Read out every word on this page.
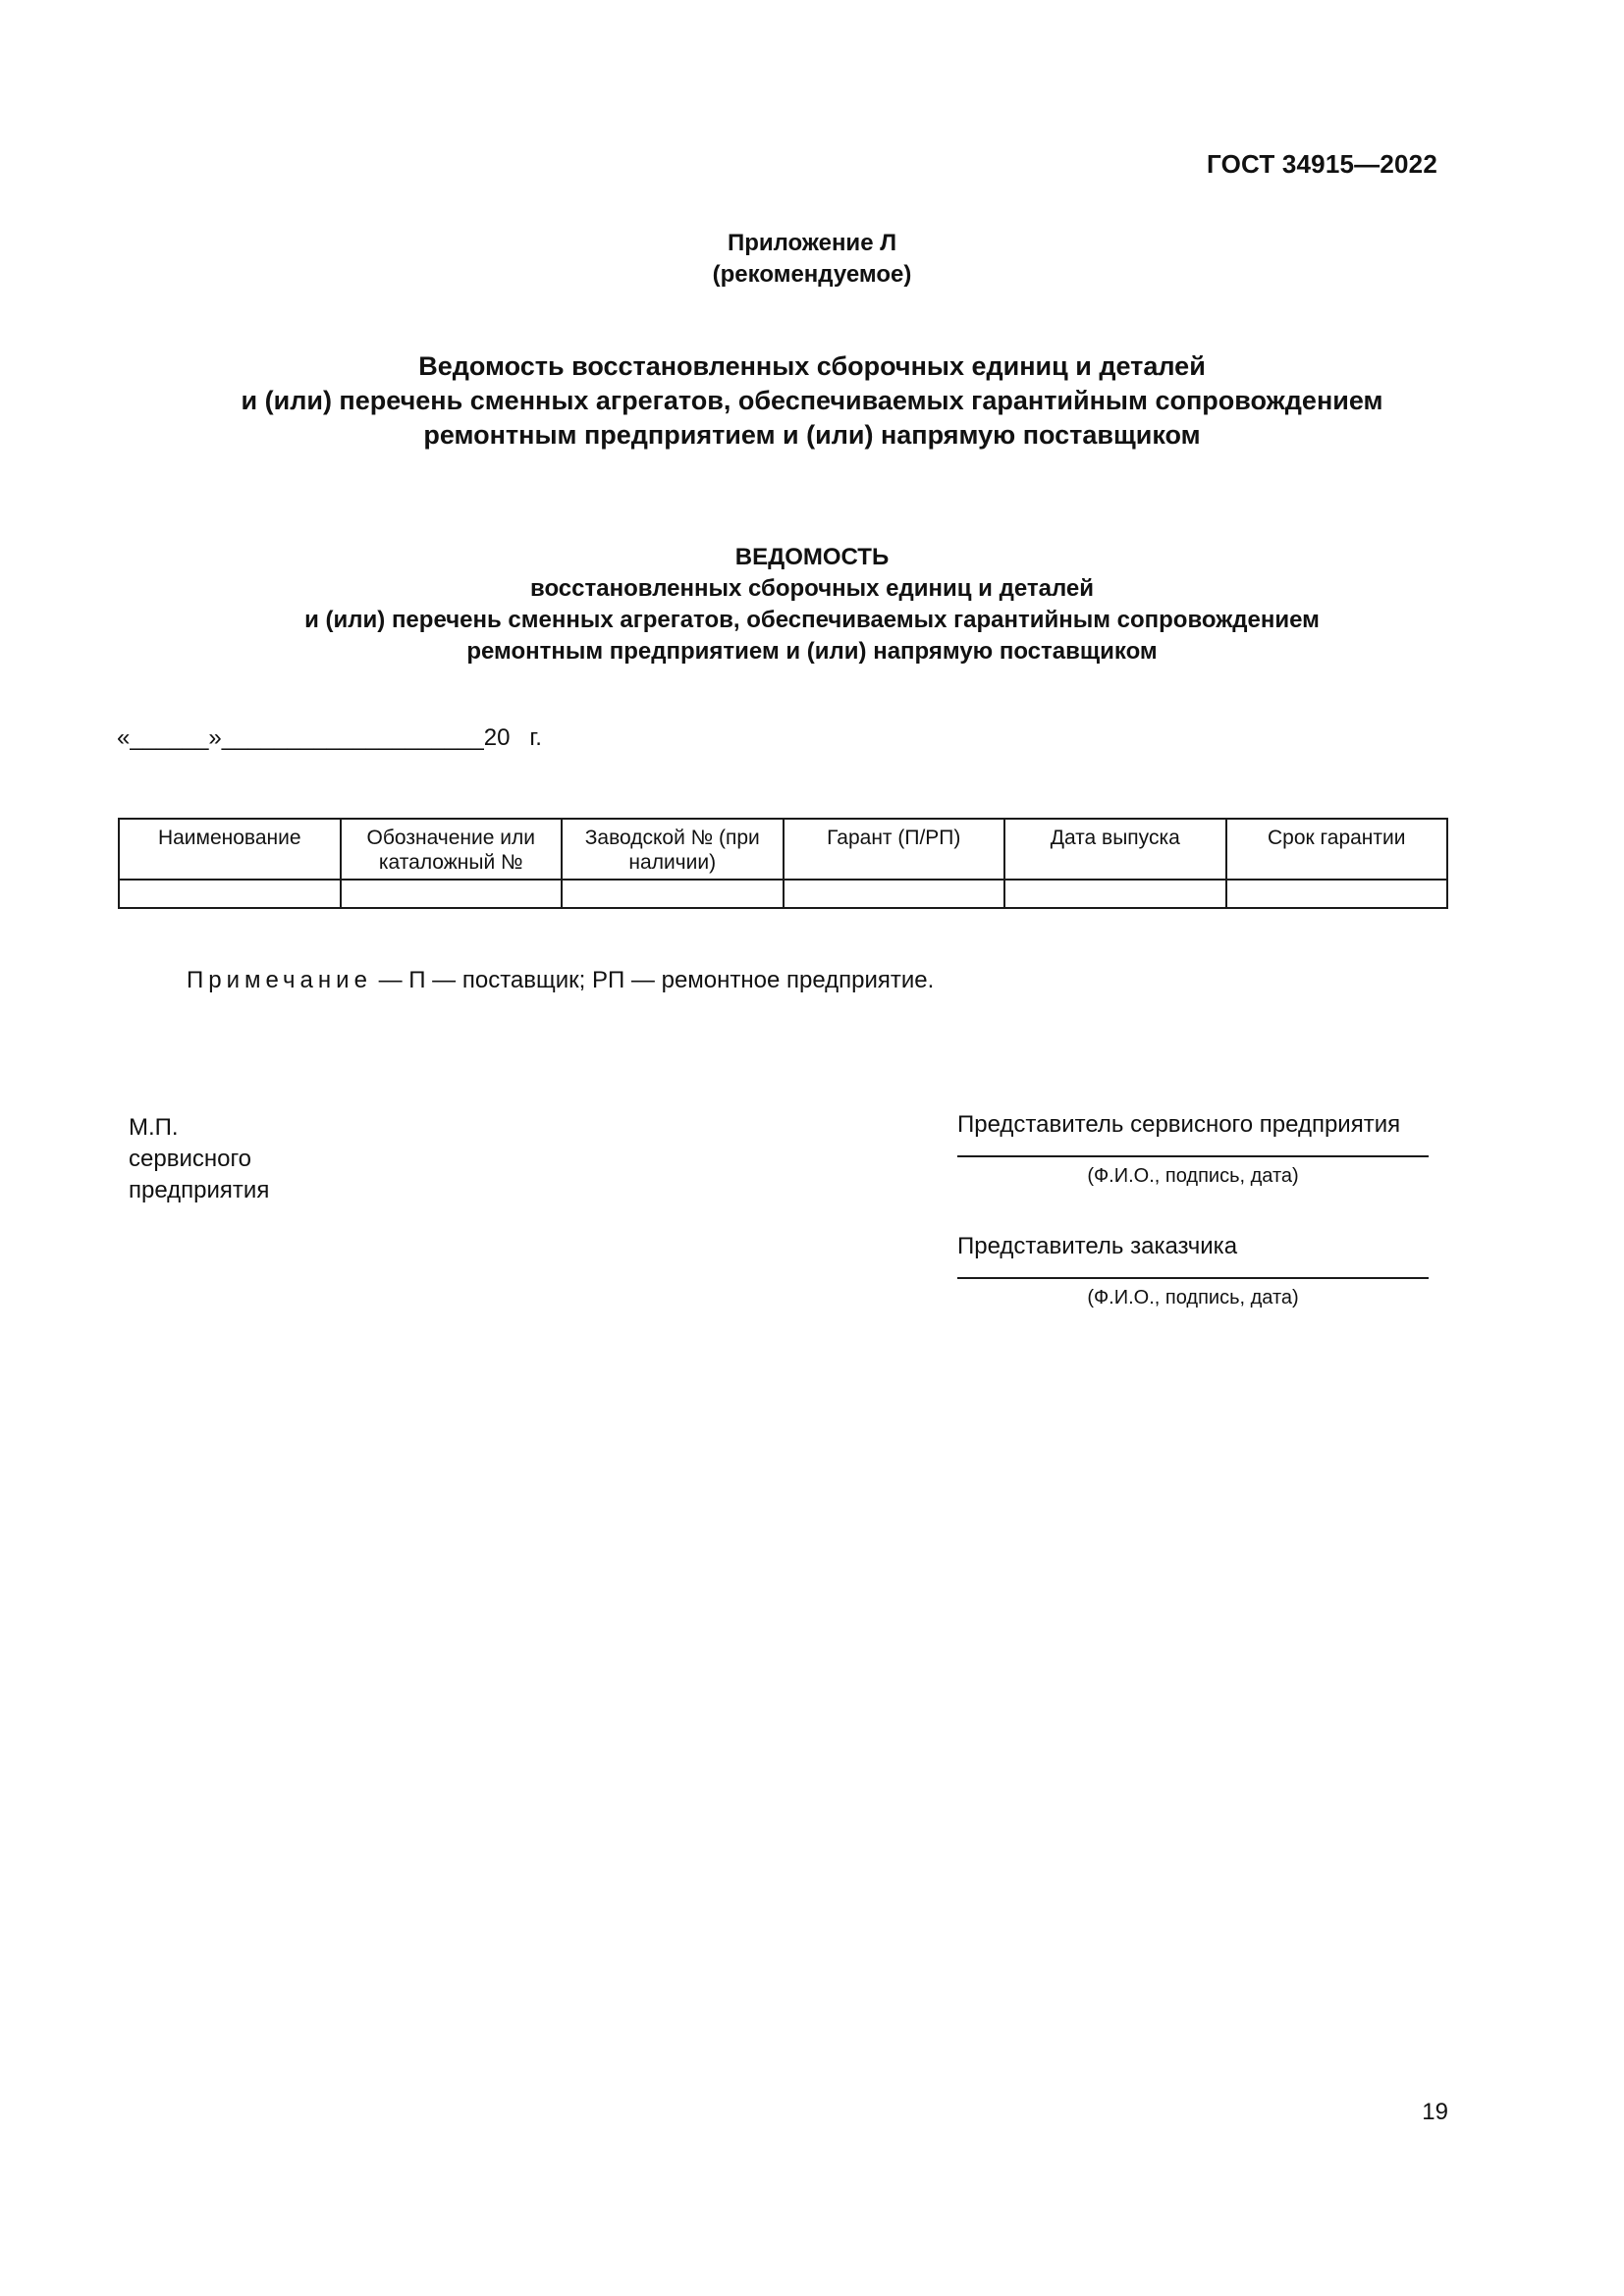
ГОСТ 34915—2022
Приложение Л
(рекомендуемое)
Ведомость восстановленных сборочных единиц и деталей
и (или) перечень сменных агрегатов, обеспечиваемых гарантийным сопровождением
ремонтным предприятием и (или) напрямую поставщиком
ВЕДОМОСТЬ
восстановленных сборочных единиц и деталей
и (или) перечень сменных агрегатов, обеспечиваемых гарантийным сопровождением
ремонтным предприятием и (или) напрямую поставщиком
«______»____________________20   г.
Наименование	Обозначение или каталожный №	Заводской № (при наличии)	Гарант (П/РП)	Дата выпуска	Срок гарантии

Примечание — П — поставщик; РП — ремонтное предприятие.
М.П.
сервисного
предприятия
Представитель сервисного предприятия
(Ф.И.О., подпись, дата)
Представитель заказчика
(Ф.И.О., подпись, дата)
19
